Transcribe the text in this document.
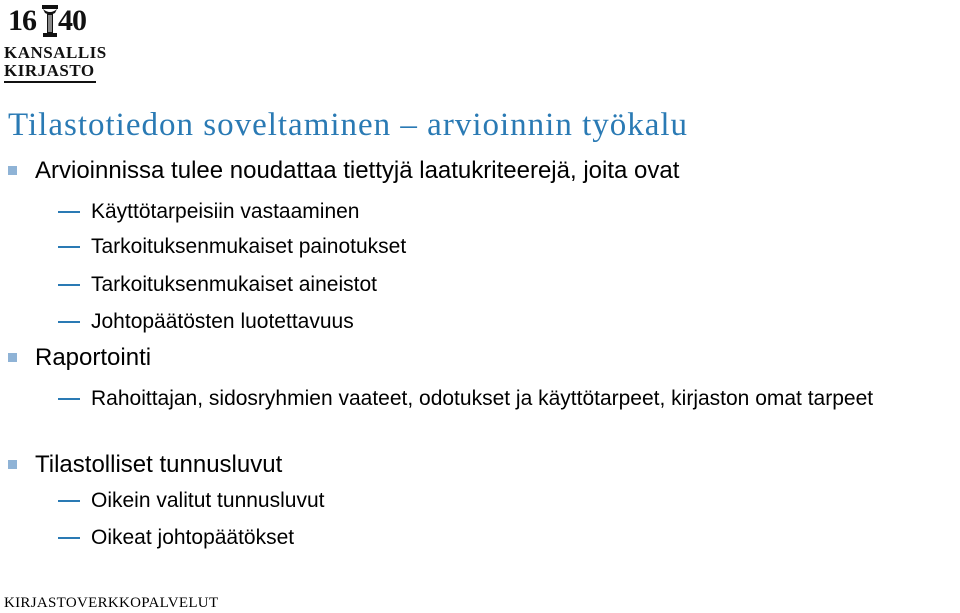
16 40
KANSALLIS
KIRJASTO
Tilastotiedon soveltaminen – arvioinnin työkalu
Arvioinnissa tulee noudattaa tiettyjä laatukriteerejä, joita ovat
Käyttötarpeisiin vastaaminen
Tarkoituksenmukaiset painotukset
Tarkoituksenmukaiset aineistot
Johtopäätösten luotettavuus
Raportointi
Rahoittajan, sidosryhmien vaateet, odotukset ja käyttötarpeet, kirjaston omat tarpeet
Tilastolliset tunnusluvut
Oikein valitut tunnusluvut
Oikeat johtopäätökset
KIRJASTOVERKKOPALVELUT
